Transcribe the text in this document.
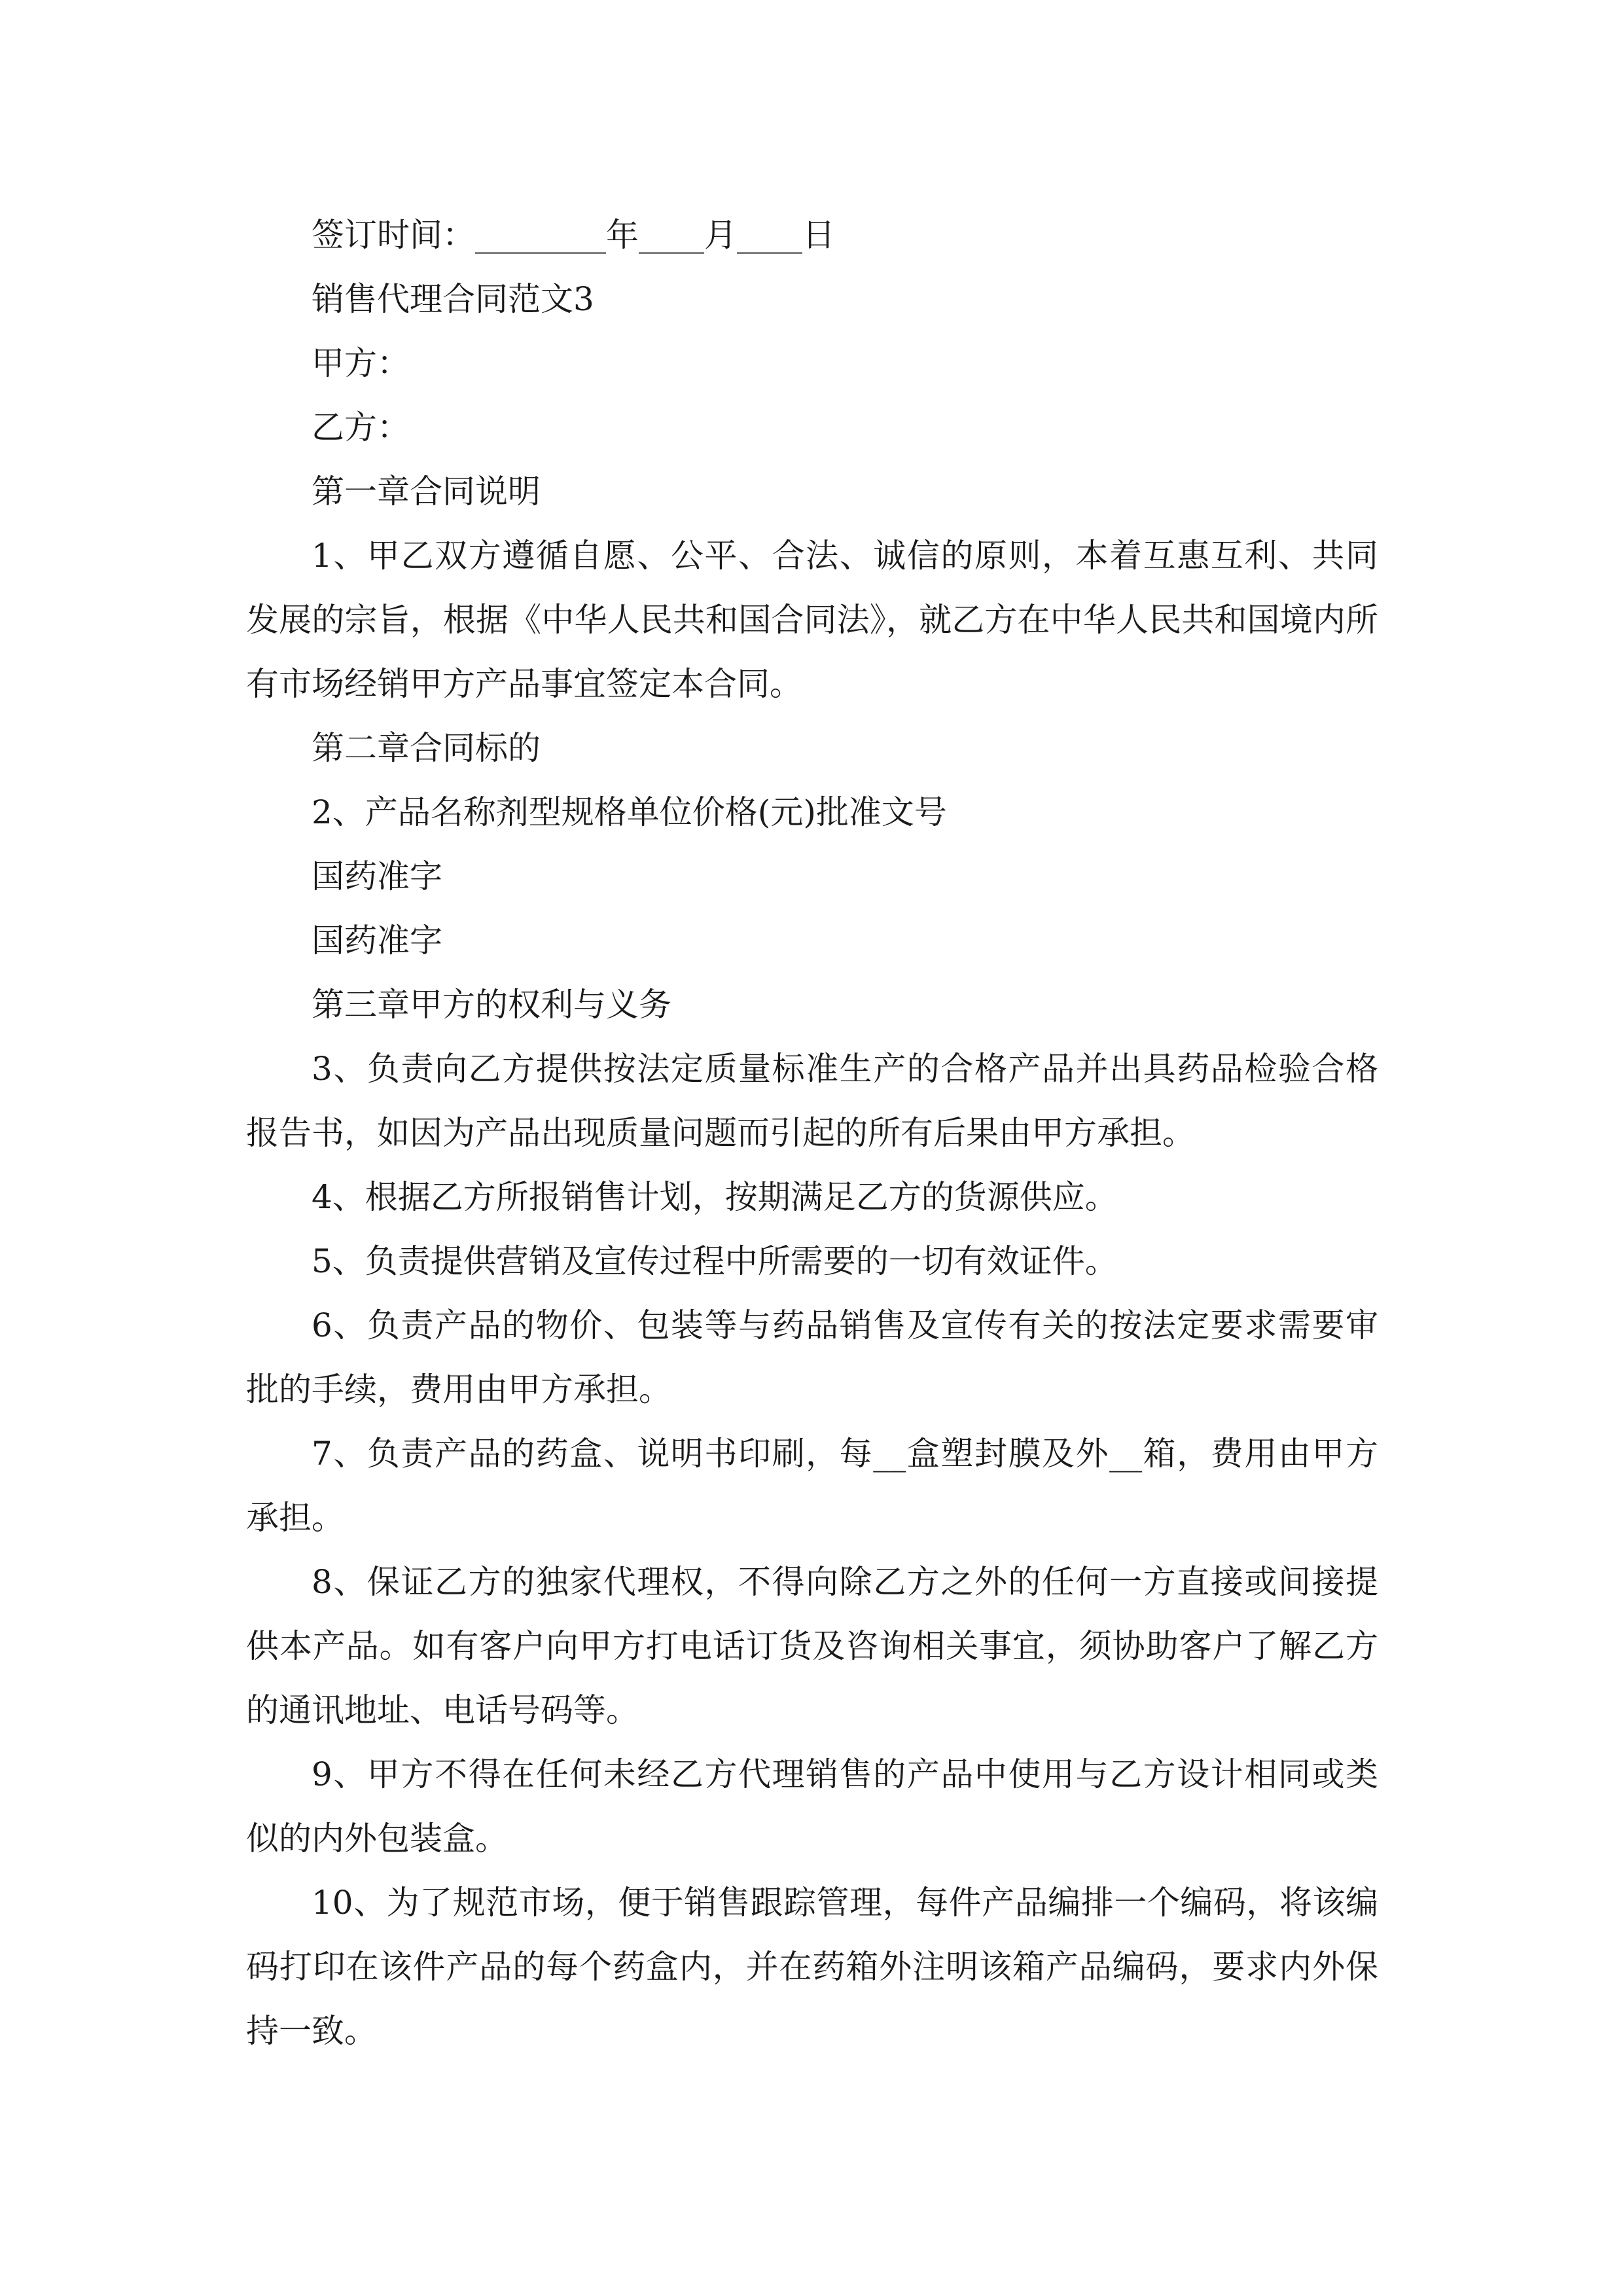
签订时间：________年____月____日

销售代理合同范文3

甲方：

乙方：

第一章合同说明

1、甲乙双方遵循自愿、公平、合法、诚信的原则，本着互惠互利、共同发展的宗旨，根据《中华人民共和国合同法》，就乙方在中华人民共和国境内所有市场经销甲方产品事宜签定本合同。

第二章合同标的

2、产品名称剂型规格单位价格(元)批准文号

国药准字

国药准字

第三章甲方的权利与义务

3、负责向乙方提供按法定质量标准生产的合格产品并出具药品检验合格报告书，如因为产品出现质量问题而引起的所有后果由甲方承担。

4、根据乙方所报销售计划，按期满足乙方的货源供应。

5、负责提供营销及宣传过程中所需要的一切有效证件。

6、负责产品的物价、包装等与药品销售及宣传有关的按法定要求需要审批的手续，费用由甲方承担。

7、负责产品的药盒、说明书印刷，每__盒塑封膜及外__箱，费用由甲方承担。

8、保证乙方的独家代理权，不得向除乙方之外的任何一方直接或间接提供本产品。如有客户向甲方打电话订货及咨询相关事宜，须协助客户了解乙方的通讯地址、电话号码等。

9、甲方不得在任何未经乙方代理销售的产品中使用与乙方设计相同或类似的内外包装盒。

10、为了规范市场，便于销售跟踪管理，每件产品编排一个编码，将该编码打印在该件产品的每个药盒内，并在药箱外注明该箱产品编码，要求内外保持一致。
